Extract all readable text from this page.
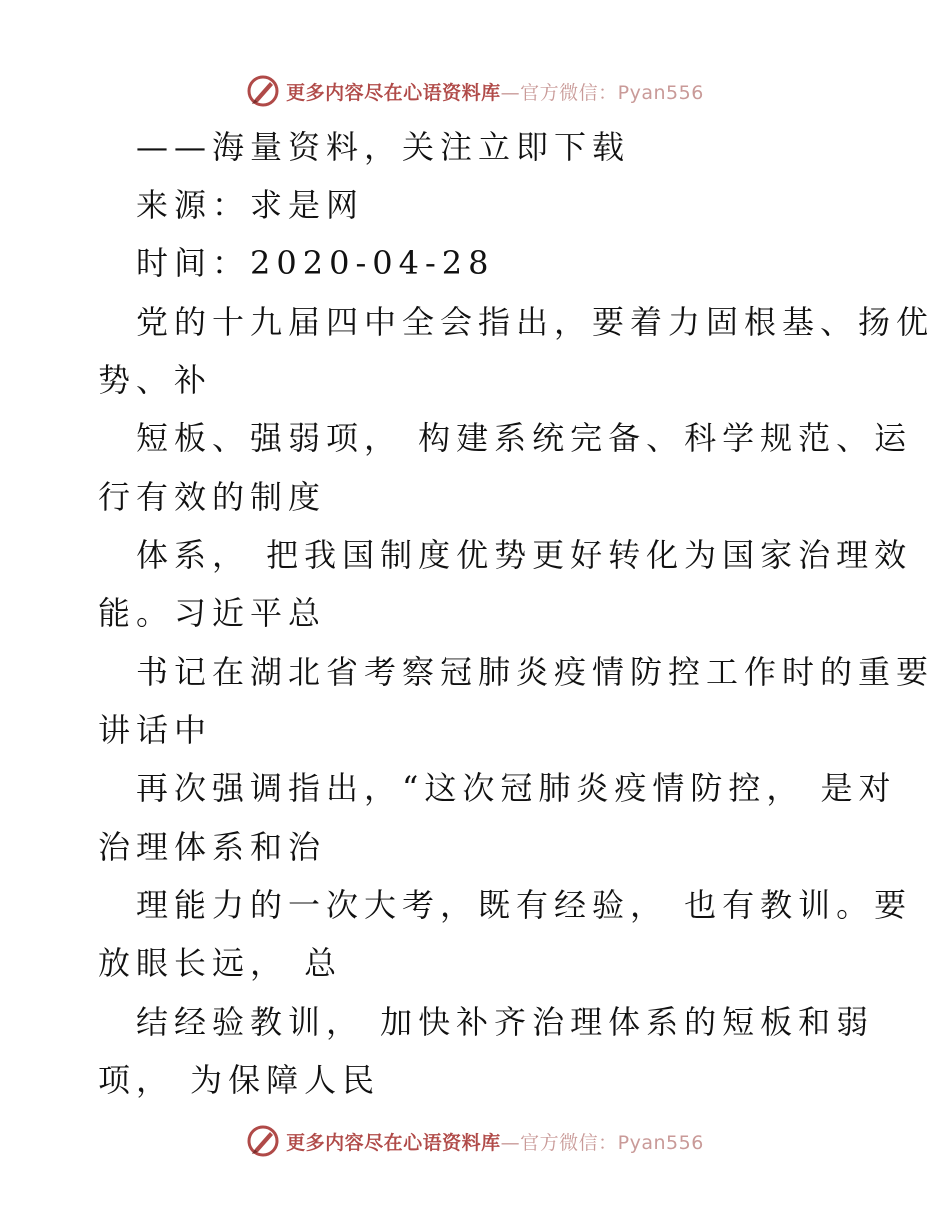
更多内容尽在心语资料库—官方微信：Pyan556
——海量资料，关注立即下载
来源：求是网
时间：2020-04-28
党的十九届四中全会指出，要着力固根基、扬优
势、补
短板、强弱项， 构建系统完备、科学规范、运
行有效的制度
体系， 把我国制度优势更好转化为国家治理效
能。习近平总
书记在湖北省考察冠肺炎疫情防控工作时的重要
讲话中
再次强调指出，“这次冠肺炎疫情防控， 是对
治理体系和治
理能力的一次大考，既有经验， 也有教训。要
放眼长远， 总
结经验教训， 加快补齐治理体系的短板和弱
项， 为保障人民
更多内容尽在心语资料库—官方微信：Pyan556
